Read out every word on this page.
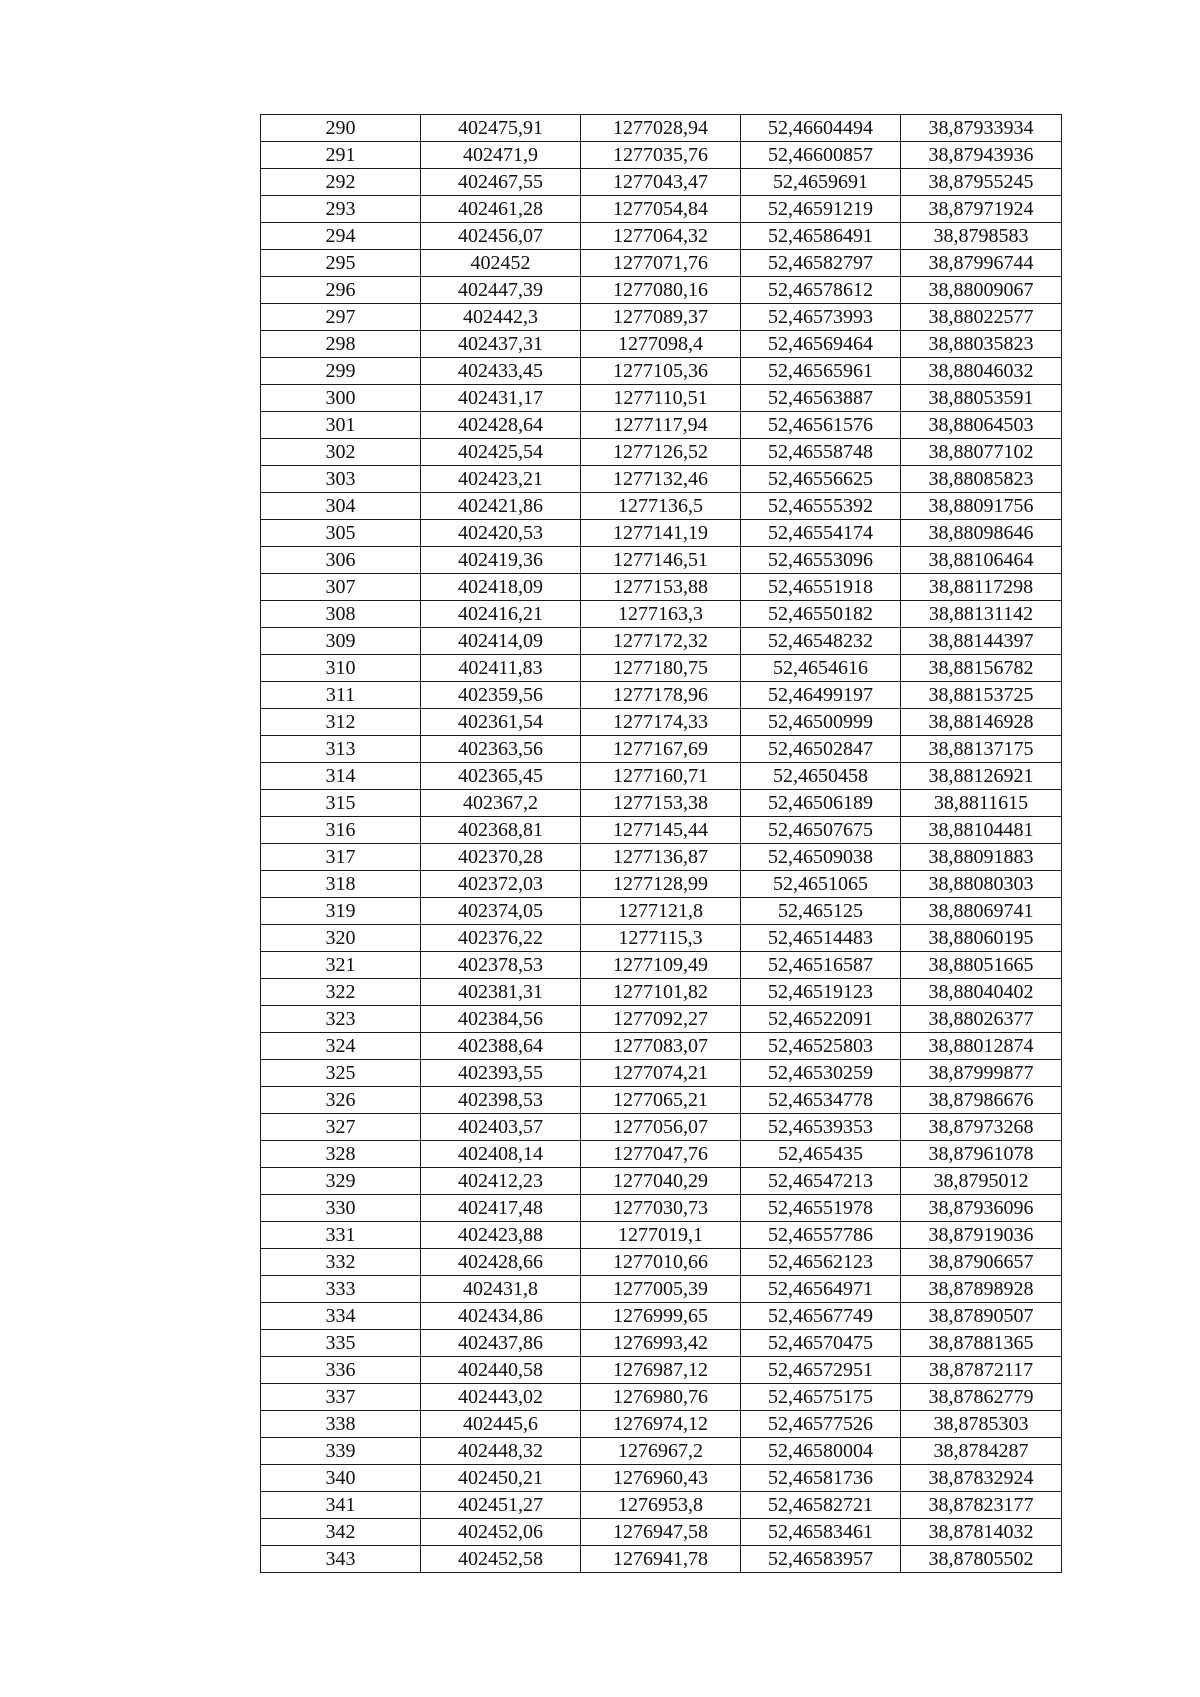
290	402475,91	1277028,94	52,46604494	38,87933934
291	402471,9	1277035,76	52,46600857	38,87943936
292	402467,55	1277043,47	52,4659691	38,87955245
293	402461,28	1277054,84	52,46591219	38,87971924
294	402456,07	1277064,32	52,46586491	38,8798583
295	402452	1277071,76	52,46582797	38,87996744
296	402447,39	1277080,16	52,46578612	38,88009067
297	402442,3	1277089,37	52,46573993	38,88022577
298	402437,31	1277098,4	52,46569464	38,88035823
299	402433,45	1277105,36	52,46565961	38,88046032
300	402431,17	1277110,51	52,46563887	38,88053591
301	402428,64	1277117,94	52,46561576	38,88064503
302	402425,54	1277126,52	52,46558748	38,88077102
303	402423,21	1277132,46	52,46556625	38,88085823
304	402421,86	1277136,5	52,46555392	38,88091756
305	402420,53	1277141,19	52,46554174	38,88098646
306	402419,36	1277146,51	52,46553096	38,88106464
307	402418,09	1277153,88	52,46551918	38,88117298
308	402416,21	1277163,3	52,46550182	38,88131142
309	402414,09	1277172,32	52,46548232	38,88144397
310	402411,83	1277180,75	52,4654616	38,88156782
311	402359,56	1277178,96	52,46499197	38,88153725
312	402361,54	1277174,33	52,46500999	38,88146928
313	402363,56	1277167,69	52,46502847	38,88137175
314	402365,45	1277160,71	52,4650458	38,88126921
315	402367,2	1277153,38	52,46506189	38,8811615
316	402368,81	1277145,44	52,46507675	38,88104481
317	402370,28	1277136,87	52,46509038	38,88091883
318	402372,03	1277128,99	52,4651065	38,88080303
319	402374,05	1277121,8	52,465125	38,88069741
320	402376,22	1277115,3	52,46514483	38,88060195
321	402378,53	1277109,49	52,46516587	38,88051665
322	402381,31	1277101,82	52,46519123	38,88040402
323	402384,56	1277092,27	52,46522091	38,88026377
324	402388,64	1277083,07	52,46525803	38,88012874
325	402393,55	1277074,21	52,46530259	38,87999877
326	402398,53	1277065,21	52,46534778	38,87986676
327	402403,57	1277056,07	52,46539353	38,87973268
328	402408,14	1277047,76	52,465435	38,87961078
329	402412,23	1277040,29	52,46547213	38,8795012
330	402417,48	1277030,73	52,46551978	38,87936096
331	402423,88	1277019,1	52,46557786	38,87919036
332	402428,66	1277010,66	52,46562123	38,87906657
333	402431,8	1277005,39	52,46564971	38,87898928
334	402434,86	1276999,65	52,46567749	38,87890507
335	402437,86	1276993,42	52,46570475	38,87881365
336	402440,58	1276987,12	52,46572951	38,87872117
337	402443,02	1276980,76	52,46575175	38,87862779
338	402445,6	1276974,12	52,46577526	38,8785303
339	402448,32	1276967,2	52,46580004	38,8784287
340	402450,21	1276960,43	52,46581736	38,87832924
341	402451,27	1276953,8	52,46582721	38,87823177
342	402452,06	1276947,58	52,46583461	38,87814032
343	402452,58	1276941,78	52,46583957	38,87805502
